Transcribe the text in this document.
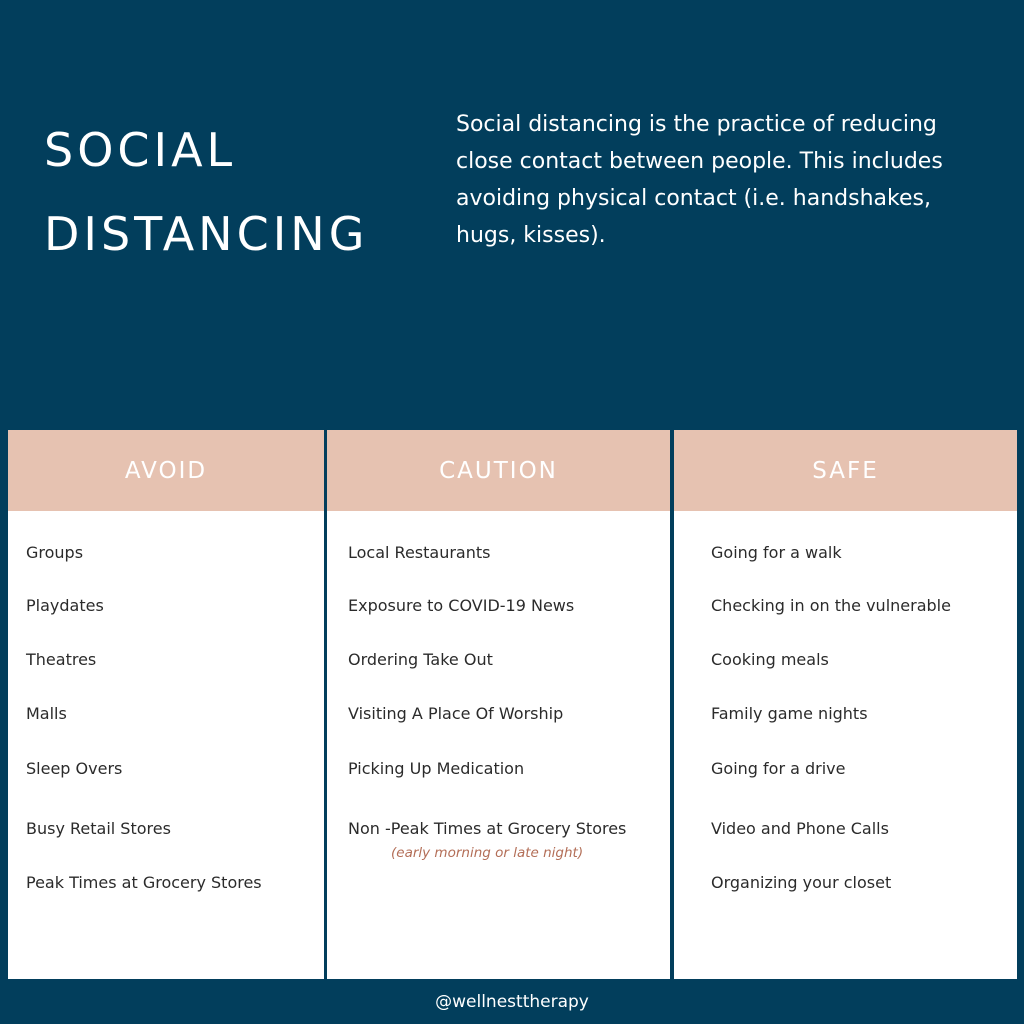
SOCIAL
DISTANCING

Social distancing is the practice of reducing close contact between people. This includes avoiding physical contact (i.e. handshakes, hugs, kisses).

AVOID
Groups
Playdates
Theatres
Malls
Sleep Overs
Busy Retail Stores
Peak Times at Grocery Stores
CAUTION
Local Restaurants
Exposure to COVID-19 News
Ordering Take Out
Visiting A Place Of Worship
Picking Up Medication
Non -Peak Times at Grocery Stores
(early morning or late night)
SAFE
Going for a walk
Checking in on the vulnerable
Cooking meals
Family game nights
Going for a drive
Video and Phone Calls
Organizing your closet
@wellnesttherapy
